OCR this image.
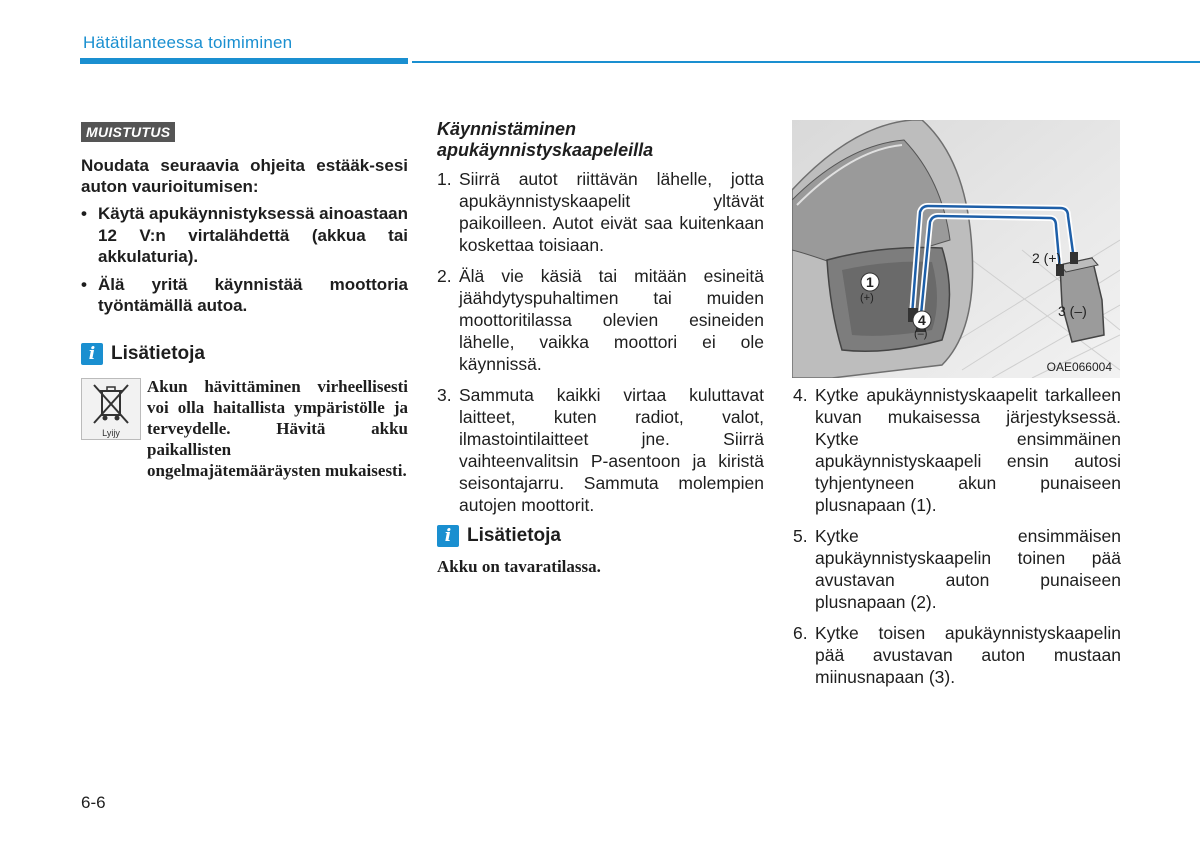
Hätätilanteessa toimiminen
MUISTUTUS
Noudata seuraavia ohjeita estääk-sesi auton vaurioitumisen:
• Käytä apukäynnistyksessä ainoastaan 12 V:n virtalähdettä (akkua tai akkulaturia).
• Älä yritä käynnistää moottoria työntämällä autoa.
i Lisätietoja
Lyijy
Akun hävittäminen virheellisesti voi olla haitallista ympäristölle ja terveydelle. Hävitä akku paikallisten ongelmajätemääräysten mukaisesti.
Käynnistäminen apukäynnistyskaapeleilla
1. Siirrä autot riittävän lähelle, jotta apukäynnistyskaapelit yltävät paikoilleen. Autot eivät saa kuitenkaan koskettaa toisiaan.
2. Älä vie käsiä tai mitään esineitä jäähdytyspuhaltimen tai muiden moottoritilassa olevien esineiden lähelle, vaikka moottori ei ole käynnissä.
3. Sammuta kaikki virtaa kuluttavat laitteet, kuten radiot, valot, ilmastointilaitteet jne. Siirrä vaihteenvalitsin P-asentoon ja kiristä seisontajarru. Sammuta molempien autojen moottorit.
i Lisätietoja
Akku on tavaratilassa.
1
(+)
4
(–)
2 (+)
3 (–)
OAE066004
4. Kytke apukäynnistyskaapelit tarkalleen kuvan mukaisessa järjestyksessä. Kytke ensimmäinen apukäynnistyskaapeli ensin autosi tyhjentyneen akun punaiseen plusnapaan (1).
5. Kytke ensimmäisen apukäynnistyskaapelin toinen pää avustavan auton punaiseen plusnapaan (2).
6. Kytke toisen apukäynnistyskaapelin pää avustavan auton mustaan miinusnapaan (3).
6-6
